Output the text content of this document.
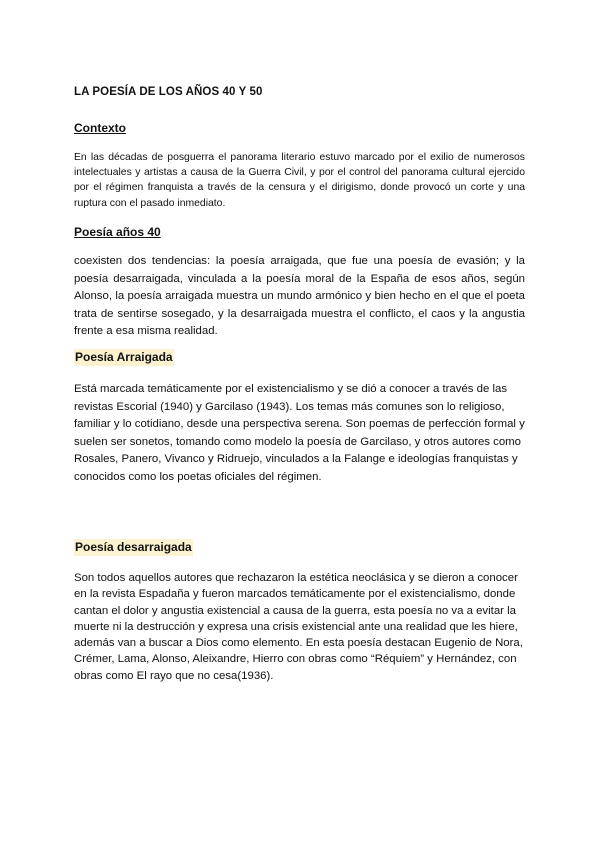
LA POESÍA DE LOS AÑOS 40 Y 50
Contexto

En las décadas de posguerra el panorama literario estuvo marcado por el exilio de numerosos intelectuales y artistas a causa de la Guerra Civil, y por el control del panorama cultural ejercido por el régimen franquista a través de la censura y el dirigismo, donde provocó un corte y una ruptura con el pasado inmediato.

Poesía años 40

coexisten dos tendencias: la poesía arraigada, que fue una poesía de evasión; y la poesía desarraigada, vinculada a la poesía moral de la España de esos años, según Alonso, la poesía arraigada muestra un mundo armónico y bien hecho en el que el poeta trata de sentirse sosegado, y la desarraigada muestra el conflicto, el caos y la angustia frente a esa misma realidad.

Poesía Arraigada

Está marcada temáticamente por el existencialismo y se dió a conocer a través de las revistas Escorial (1940) y Garcilaso (1943). Los temas más comunes son lo religioso, familiar y lo cotidiano, desde una perspectiva serena. Son poemas de perfección formal y suelen ser sonetos, tomando como modelo la poesía de Garcilaso, y otros autores como Rosales, Panero, Vivanco y Ridruejo, vinculados a la Falange e ideologías franquistas y conocidos como los poetas oficiales del régimen.

Poesía desarraigada

Son todos aquellos autores que rechazaron la estética neoclásica y se dieron a conocer en la revista Espadaña y fueron marcados temáticamente por el existencialismo, donde cantan el dolor y angustia existencial a causa de la guerra, esta poesía no va a evitar la muerte ni la destrucción y expresa una crisis existencial ante una realidad que les hiere, además van a buscar a Dios como elemento. En esta poesía destacan Eugenio de Nora, Crémer, Lama, Alonso, Aleixandre, Hierro con obras como “Réquiem” y Hernández, con obras como El rayo que no cesa(1936).
